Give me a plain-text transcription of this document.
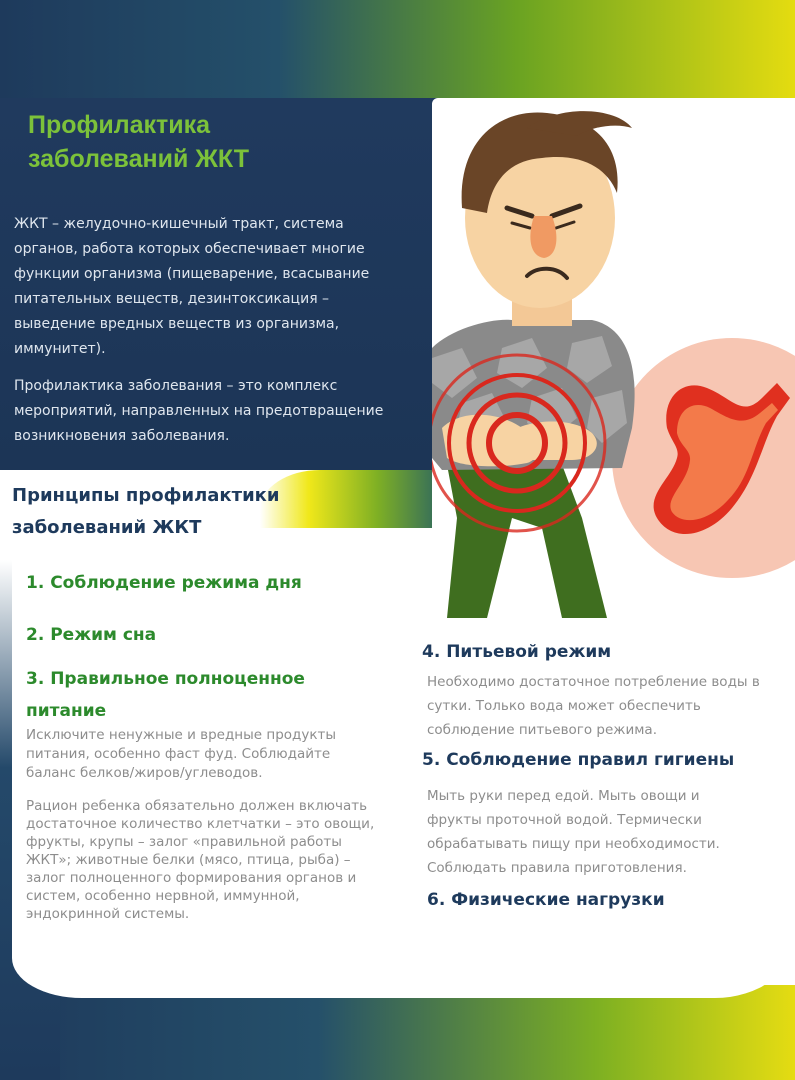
Профилактика
заболеваний ЖКТ

ЖКТ – желудочно-кишечный тракт, система органов, работа которых обеспечивает многие функции организма (пищеварение, всасывание питательных веществ, дезинтоксикация – выведение вредных веществ из организма, иммунитет).

Профилактика заболевания – это комплекс мероприятий, направленных на предотвращение возникновения заболевания.

Принципы профилактики
заболеваний ЖКТ
1. Соблюдение режима дня
2. Режим сна
3. Правильное полноценное
питание

Исключите ненужные и вредные продукты питания, особенно фаст фуд. Соблюдайте баланс белков/жиров/углеводов.

Рацион ребенка обязательно должен включать достаточное количество клетчатки – это овощи, фрукты, крупы – залог «правильной работы ЖКТ»; животные белки (мясо, птица, рыба) – залог полноценного формирования органов и систем, особенно нервной, иммунной, эндокринной системы.

4. Питьевой режим

Необходимо достаточное потребление воды в сутки. Только вода может обеспечить соблюдение питьевого режима.

5. Соблюдение правил гигиены

Мыть руки перед едой. Мыть овощи и фрукты проточной водой. Термически обрабатывать пищу при необходимости. Соблюдать правила приготовления.

6. Физические нагрузки
